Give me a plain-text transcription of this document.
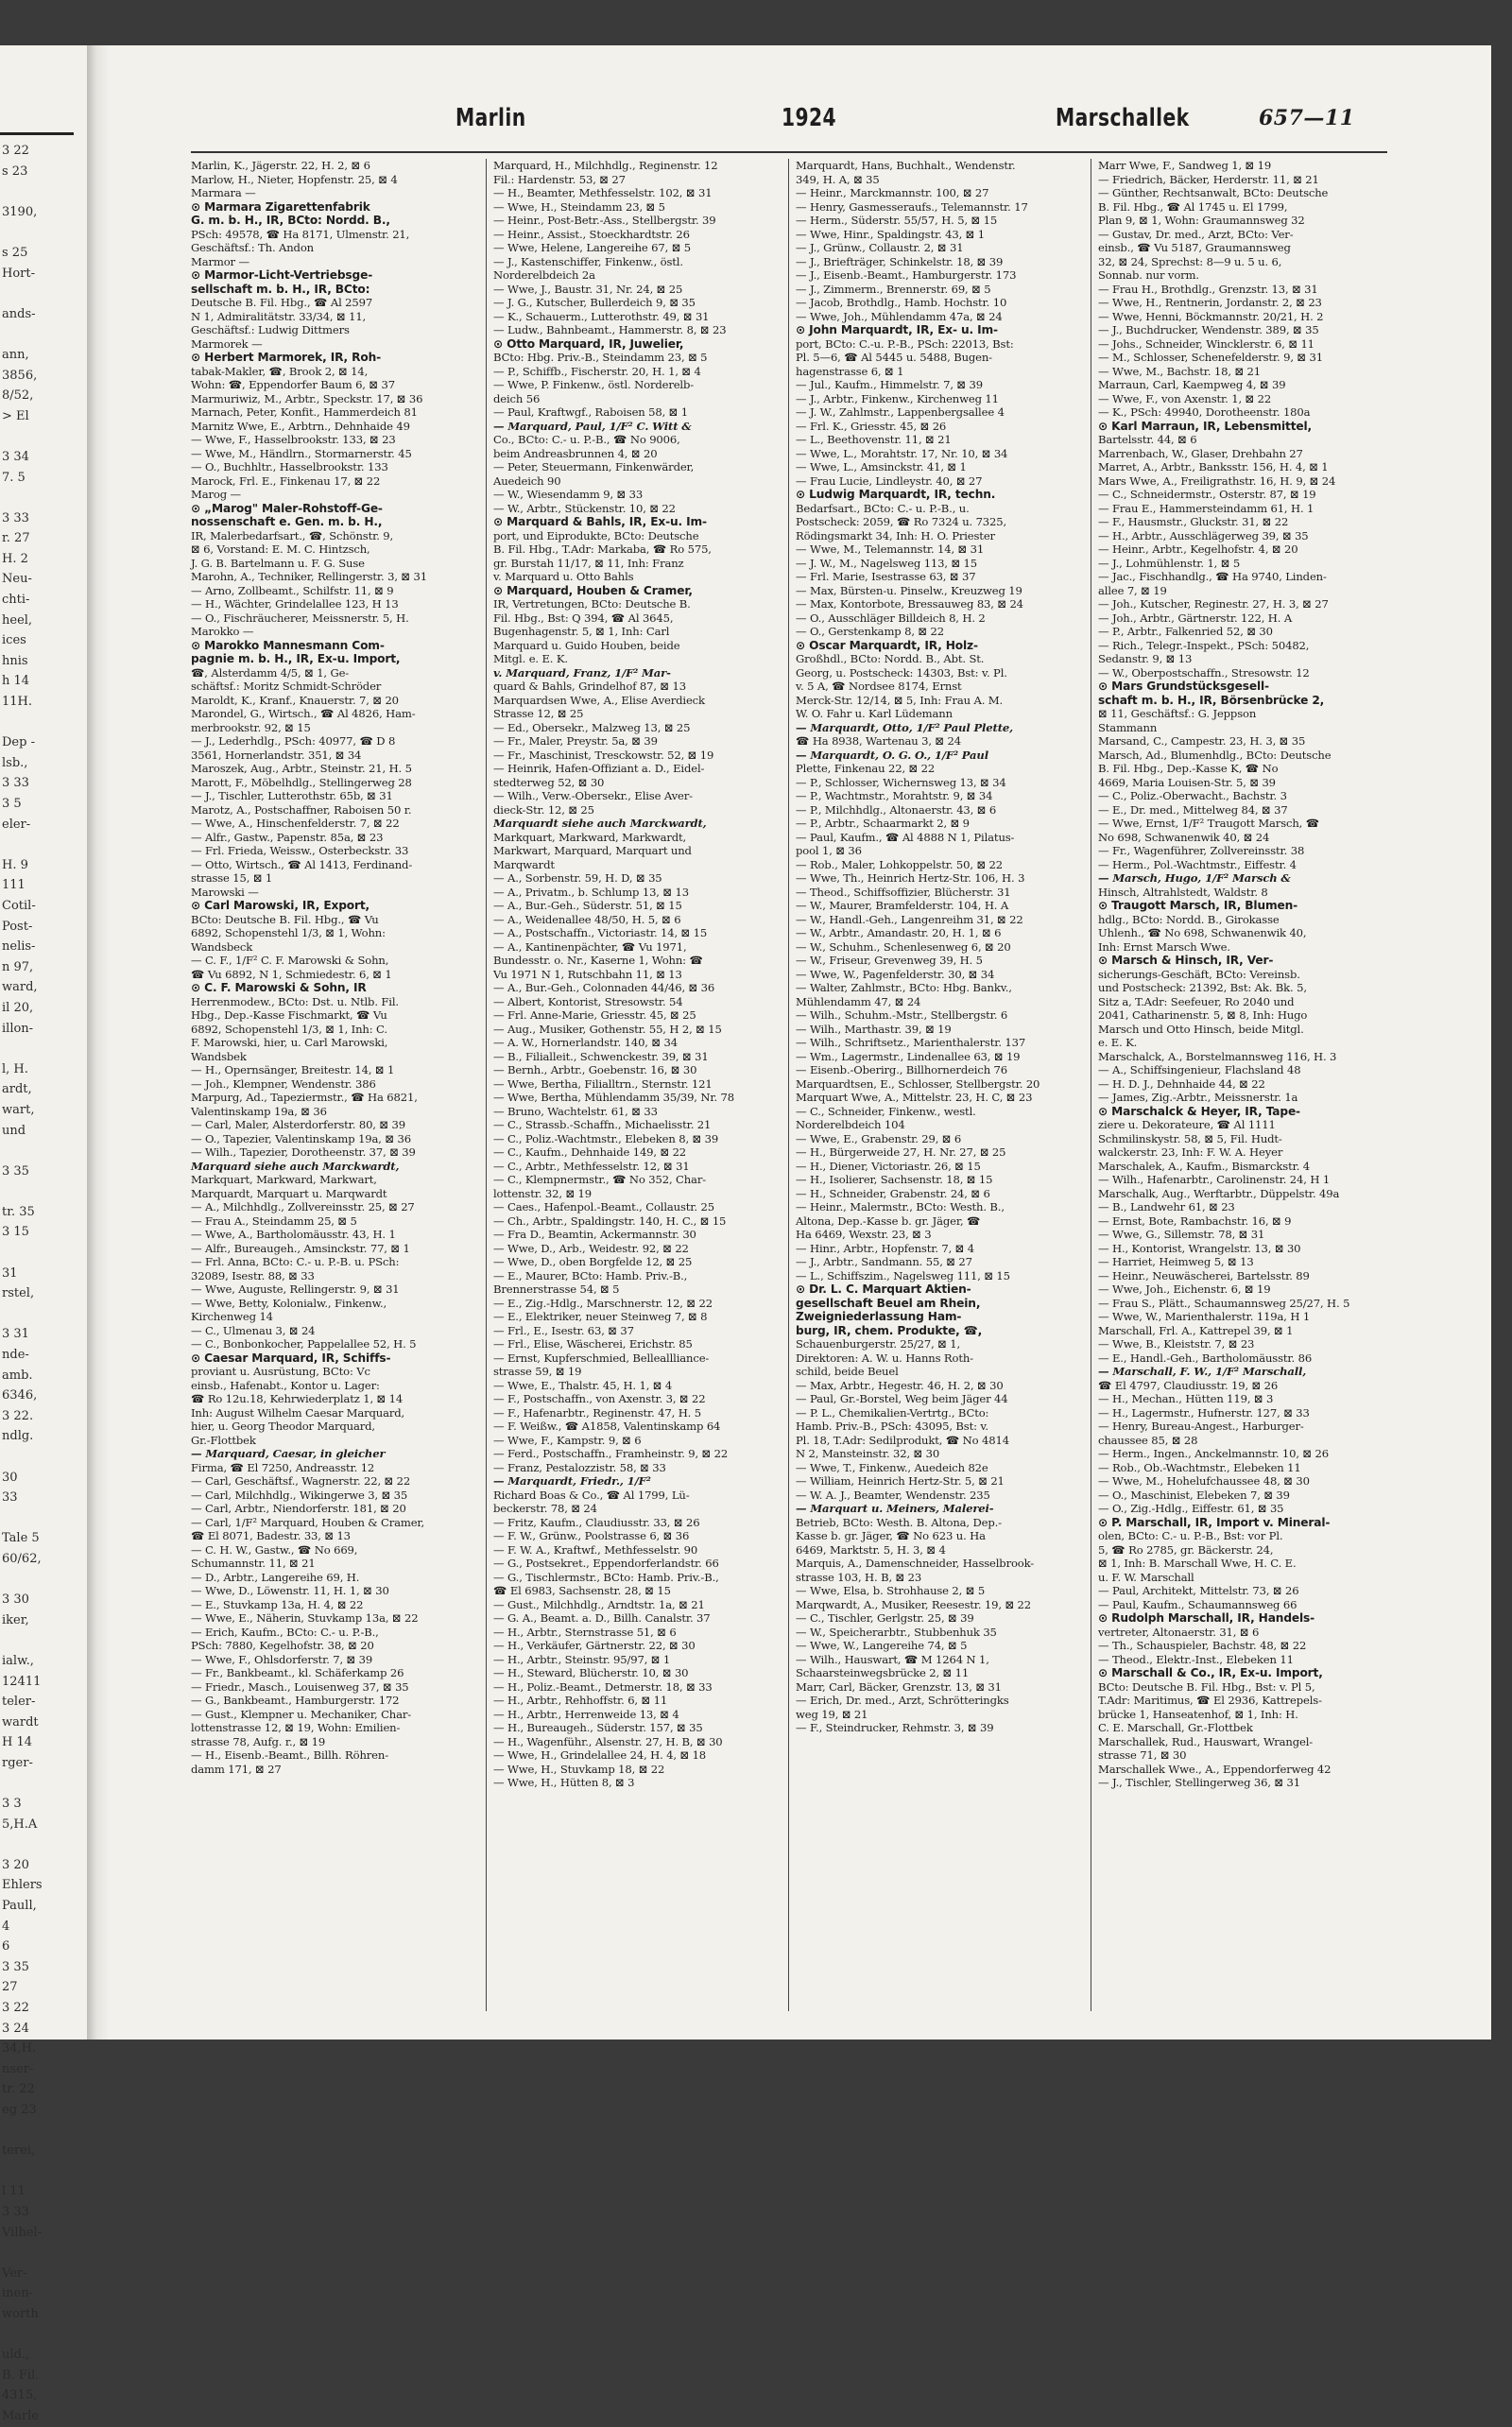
3 22
s 23

3190,

s 25
Hort-

ands-

ann,
3856,
8/52,
> El

3 34
7. 5

3 33
r. 27
H. 2
Neu-
chti-
heel,
ices
hnis
h 14
11H.

Dep -
lsb.,
3 33
3 5
eler-

H. 9
111
Cotil-
Post-
nelis-
n 97,
ward,
il 20,
illon-

l, H.
ardt,
wart,
und

3 35

tr. 35
3 15

31
rstel,

3 31
nde-
amb.
6346,
3 22.
ndlg.

30
33

Tale 5
60/62,

3 30
iker,

ialw.,
12411
teler-
wardt
H 14
rger-

3 3
5,H.A

3 20
Ehlers
Paull,
4
6
3 35
27
3 22
3 24
34,H.
nser-
tr. 22
eg 23

terei,

l 11
3 33
Vilhel-

Ver-
inen-
worth

uld.,
B. Fil.
4315,
Marle
Marlin	1924	Marschallek	657—11
Marlin, K., Jägerstr. 22, H. 2, ⊠ 6
Marlow, H., Nieter, Hopfenstr. 25, ⊠ 4
Marmara —
⊙ Marmara Zigarettenfabrik
G. m. b. H., IR, BCto: Nordd. B.,
PSch: 49578, ☎ Ha 8171, Ulmenstr. 21,
Geschäftsf.: Th. Andon
Marmor —
⊙ Marmor-Licht-Vertriebsge-
sellschaft m. b. H., IR, BCto:
Deutsche B. Fil. Hbg., ☎ Al 2597
N 1, Admiralitätstr. 33/34, ⊠ 11,
Geschäftsf.: Ludwig Dittmers
Marmorek —
⊙ Herbert Marmorek, IR, Roh-
tabak-Makler, ☎, Brook 2, ⊠ 14,
Wohn: ☎, Eppendorfer Baum 6, ⊠ 37
Marmuriwiz, M., Arbtr., Speckstr. 17, ⊠ 36
Marnach, Peter, Konfit., Hammerdeich 81
Marnitz Wwe, E., Arbtrn., Dehnhaide 49
— Wwe, F., Hasselbrookstr. 133, ⊠ 23
— Wwe, M., Händlrn., Stormarnerstr. 45
— O., Buchhltr., Hasselbrookstr. 133
Marock, Frl. E., Finkenau 17, ⊠ 22
Marog —
⊙ „Marog" Maler-Rohstoff-Ge-
nossenschaft e. Gen. m. b. H.,
IR, Malerbedarfsart., ☎, Schönstr. 9,
⊠ 6, Vorstand: E. M. C. Hintzsch,
J. G. B. Bartelmann u. F. G. Suse
Marohn, A., Techniker, Rellingerstr. 3, ⊠ 31
— Arno, Zollbeamt., Schilfstr. 11, ⊠ 9
— H., Wächter, Grindelallee 123, H 13
— O., Fischräucherer, Meissnerstr. 5, H.
Marokko —
⊙ Marokko Mannesmann Com-
pagnie m. b. H., IR, Ex-u. Import,
☎, Alsterdamm 4/5, ⊠ 1, Ge-
schäftsf.: Moritz Schmidt-Schröder
Maroldt, K., Kranf., Knauerstr. 7, ⊠ 20
Marondel, G., Wirtsch., ☎ Al 4826, Ham-
merbrookstr. 92, ⊠ 15
— J., Lederhdlg., PSch: 40977, ☎ D 8
3561, Hornerlandstr. 351, ⊠ 34
Maroszek, Aug., Arbtr., Steinstr. 21, H. 5
Marott, F., Möbelhdlg., Stellingerweg 28
— J., Tischler, Lutterothstr. 65b, ⊠ 31
Marotz, A., Postschaffner, Raboisen 50 r.
— Wwe, A., Hinschenfelderstr. 7, ⊠ 22
— Alfr., Gastw., Papenstr. 85a, ⊠ 23
— Frl. Frieda, Weissw., Osterbeckstr. 33
— Otto, Wirtsch., ☎ Al 1413, Ferdinand-
strasse 15, ⊠ 1
Marowski —
⊙ Carl Marowski, IR, Export,
BCto: Deutsche B. Fil. Hbg., ☎ Vu
6892, Schopenstehl 1/3, ⊠ 1, Wohn:
Wandsbeck
— C. F., 1/F² C. F. Marowski & Sohn,
☎ Vu 6892, N 1, Schmiedestr. 6, ⊠ 1
⊙ C. F. Marowski & Sohn, IR
Herrenmodew., BCto: Dst. u. Ntlb. Fil.
Hbg., Dep.-Kasse Fischmarkt, ☎ Vu
6892, Schopenstehl 1/3, ⊠ 1, Inh: C.
F. Marowski, hier, u. Carl Marowski,
Wandsbek
— H., Opernsänger, Breitestr. 14, ⊠ 1
— Joh., Klempner, Wendenstr. 386
Marpurg, Ad., Tapeziermstr., ☎ Ha 6821,
Valentinskamp 19a, ⊠ 36
— Carl, Maler, Alsterdorferstr. 80, ⊠ 39
— O., Tapezier, Valentinskamp 19a, ⊠ 36
— Wilh., Tapezier, Dorotheenstr. 37, ⊠ 39
Marquard siehe auch Marckwardt,
Markquart, Markward, Markwart,
Marquardt, Marquart u. Marqwardt
— A., Milchhdlg., Zollvereinsstr. 25, ⊠ 27
— Frau A., Steindamm 25, ⊠ 5
— Wwe, A., Bartholomäusstr. 43, H. 1
— Alfr., Bureaugeh., Amsinckstr. 77, ⊠ 1
— Frl. Anna, BCto: C.- u. P.-B. u. PSch:
32089, Isestr. 88, ⊠ 33
— Wwe, Auguste, Rellingerstr. 9, ⊠ 31
— Wwe, Betty, Kolonialw., Finkenw.,
Kirchenweg 14
— C., Ulmenau 3, ⊠ 24
— C., Bonbonkocher, Pappelallee 52, H. 5
⊙ Caesar Marquard, IR, Schiffs-
proviant u. Ausrüstung, BCto: Vc
einsb., Hafenabt., Kontor u. Lager:
☎ Ro 12u.18, Kehrwiederplatz 1, ⊠ 14
Inh: August Wilhelm Caesar Marquard,
hier, u. Georg Theodor Marquard,
Gr.-Flottbek
— Marquard, Caesar, in gleicher
Firma, ☎ El 7250, Andreasstr. 12
— Carl, Geschäftsf., Wagnerstr. 22, ⊠ 22
— Carl, Milchhdlg., Wikingerwe 3, ⊠ 35
— Carl, Arbtr., Niendorferstr. 181, ⊠ 20
— Carl, 1/F² Marquard, Houben & Cramer,
☎ El 8071, Badestr. 33, ⊠ 13
— C. H. W., Gastw., ☎ No 669,
Schumannstr. 11, ⊠ 21
— D., Arbtr., Langereihe 69, H.
— Wwe, D., Löwenstr. 11, H. 1, ⊠ 30
— E., Stuvkamp 13a, H. 4, ⊠ 22
— Wwe, E., Näherin, Stuvkamp 13a, ⊠ 22
— Erich, Kaufm., BCto: C.- u. P.-B.,
PSch: 7880, Kegelhofstr. 38, ⊠ 20
— Wwe, F., Ohlsdorferstr. 7, ⊠ 39
— Fr., Bankbeamt., kl. Schäferkamp 26
— Friedr., Masch., Louisenweg 37, ⊠ 35
— G., Bankbeamt., Hamburgerstr. 172
— Gust., Klempner u. Mechaniker, Char-
lottenstrasse 12, ⊠ 19, Wohn: Emilien-
strasse 78, Aufg. r., ⊠ 19
— H., Eisenb.-Beamt., Billh. Röhren-
damm 171, ⊠ 27
Marquard, H., Milchhdlg., Reginenstr. 12
Fil.: Hardenstr. 53, ⊠ 27
— H., Beamter, Methfesselstr. 102, ⊠ 31
— Wwe, H., Steindamm 23, ⊠ 5
— Heinr., Post-Betr.-Ass., Stellbergstr. 39
— Heinr., Assist., Stoeckhardtstr. 26
— Wwe, Helene, Langereihe 67, ⊠ 5
— J., Kastenschiffer, Finkenw., östl.
Norderelbdeich 2a
— Wwe, J., Baustr. 31, Nr. 24, ⊠ 25
— J. G., Kutscher, Bullerdeich 9, ⊠ 35
— K., Schauerm., Lutterothstr. 49, ⊠ 31
— Ludw., Bahnbeamt., Hammerstr. 8, ⊠ 23
⊙ Otto Marquard, IR, Juwelier,
BCto: Hbg. Priv.-B., Steindamm 23, ⊠ 5
— P., Schiffb., Fischerstr. 20, H. 1, ⊠ 4
— Wwe, P. Finkenw., östl. Norderelb-
deich 56
— Paul, Kraftwgf., Raboisen 58, ⊠ 1
— Marquard, Paul, 1/F² C. Witt &
Co., BCto: C.- u. P.-B., ☎ No 9006,
beim Andreasbrunnen 4, ⊠ 20
— Peter, Steuermann, Finkenwärder,
Auedeich 90
— W., Wiesendamm 9, ⊠ 33
— W., Arbtr., Stückenstr. 10, ⊠ 22
⊙ Marquard & Bahls, IR, Ex-u. Im-
port, und Eiprodukte, BCto: Deutsche
B. Fil. Hbg., T.Adr: Markaba, ☎ Ro 575,
gr. Burstah 11/17, ⊠ 11, Inh: Franz
v. Marquard u. Otto Bahls
⊙ Marquard, Houben & Cramer,
IR, Vertretungen, BCto: Deutsche B.
Fil. Hbg., Bst: Q 394, ☎ Al 3645,
Bugenhagenstr. 5, ⊠ 1, Inh: Carl
Marquard u. Guido Houben, beide
Mitgl. e. E. K.
v. Marquard, Franz, 1/F² Mar-
quard & Bahls, Grindelhof 87, ⊠ 13
Marquardsen Wwe, A., Elise Averdieck
Strasse 12, ⊠ 25
— Ed., Obersekr., Malzweg 13, ⊠ 25
— Fr., Maler, Preystr. 5a, ⊠ 39
— Fr., Maschinist, Tresckowstr. 52, ⊠ 19
— Heinrik, Hafen-Offiziant a. D., Eidel-
stedterweg 52, ⊠ 30
— Wilh., Verw.-Obersekr., Elise Aver-
dieck-Str. 12, ⊠ 25
Marquardt siehe auch Marckwardt,
Markquart, Markward, Markwardt,
Markwart, Marquard, Marquart und
Marqwardt
— A., Sorbenstr. 59, H. D, ⊠ 35
— A., Privatm., b. Schlump 13, ⊠ 13
— A., Bur.-Geh., Süderstr. 51, ⊠ 15
— A., Weidenallee 48/50, H. 5, ⊠ 6
— A., Postschaffn., Victoriastr. 14, ⊠ 15
— A., Kantinenpächter, ☎ Vu 1971,
Bundesstr. o. Nr., Kaserne 1, Wohn: ☎
Vu 1971 N 1, Rutschbahn 11, ⊠ 13
— A., Bur.-Geh., Colonnaden 44/46, ⊠ 36
— Albert, Kontorist, Stresowstr. 54
— Frl. Anne-Marie, Griesstr. 45, ⊠ 25
— Aug., Musiker, Gothenstr. 55, H 2, ⊠ 15
— A. W., Hornerlandstr. 140, ⊠ 34
— B., Filialleit., Schwenckestr. 39, ⊠ 31
— Bernh., Arbtr., Goebenstr. 16, ⊠ 30
— Wwe, Bertha, Filialltrn., Sternstr. 121
— Wwe, Bertha, Mühlendamm 35/39, Nr. 78
— Bruno, Wachtelstr. 61, ⊠ 33
— C., Strassb.-Schaffn., Michaelisstr. 21
— C., Poliz.-Wachtmstr., Elebeken 8, ⊠ 39
— C., Kaufm., Dehnhaide 149, ⊠ 22
— C., Arbtr., Methfesselstr. 12, ⊠ 31
— C., Klempnermstr., ☎ No 352, Char-
lottenstr. 32, ⊠ 19
— Caes., Hafenpol.-Beamt., Collaustr. 25
— Ch., Arbtr., Spaldingstr. 140, H. C., ⊠ 15
— Fra D., Beamtin, Ackermannstr. 30
— Wwe, D., Arb., Weidestr. 92, ⊠ 22
— Wwe, D., oben Borgfelde 12, ⊠ 25
— E., Maurer, BCto: Hamb. Priv.-B.,
Brennerstrasse 54, ⊠ 5
— E., Zig.-Hdlg., Marschnerstr. 12, ⊠ 22
— E., Elektriker, neuer Steinweg 7, ⊠ 8
— Frl., E., Isestr. 63, ⊠ 37
— Frl., Elise, Wäscherei, Erichstr. 85
— Ernst, Kupferschmied, Belleallliance-
strasse 59, ⊠ 19
— Wwe, E., Thalstr. 45, H. 1, ⊠ 4
— F., Postschaffn., von Axenstr. 3, ⊠ 22
— F., Hafenarbtr., Reginenstr. 47, H. 5
— F. Weißw., ☎ A1858, Valentinskamp 64
— Wwe, F., Kampstr. 9, ⊠ 6
— Ferd., Postschaffn., Framheinstr. 9, ⊠ 22
— Franz, Pestalozzistr. 58, ⊠ 33
— Marquardt, Friedr., 1/F²
Richard Boas & Co., ☎ Al 1799, Lü-
beckerstr. 78, ⊠ 24
— Fritz, Kaufm., Claudiusstr. 33, ⊠ 26
— F. W., Grünw., Poolstrasse 6, ⊠ 36
— F. W. A., Kraftwf., Methfesselstr. 90
— G., Postsekret., Eppendorferlandstr. 66
— G., Tischlermstr., BCto: Hamb. Priv.-B.,
☎ El 6983, Sachsenstr. 28, ⊠ 15
— Gust., Milchhdlg., Arndtstr. 1a, ⊠ 21
— G. A., Beamt. a. D., Billh. Canalstr. 37
— H., Arbtr., Sternstrasse 51, ⊠ 6
— H., Verkäufer, Gärtnerstr. 22, ⊠ 30
— H., Arbtr., Steinstr. 95/97, ⊠ 1
— H., Steward, Blücherstr. 10, ⊠ 30
— H., Poliz.-Beamt., Detmerstr. 18, ⊠ 33
— H., Arbtr., Rehhoffstr. 6, ⊠ 11
— H., Arbtr., Herrenweide 13, ⊠ 4
— H., Bureaugeh., Süderstr. 157, ⊠ 35
— H., Wagenführ., Alsenstr. 27, H. B, ⊠ 30
— Wwe, H., Grindelallee 24, H. 4, ⊠ 18
— Wwe, H., Stuvkamp 18, ⊠ 22
— Wwe, H., Hütten 8, ⊠ 3
Marquardt, Hans, Buchhalt., Wendenstr.
349, H. A, ⊠ 35
— Heinr., Marckmannstr. 100, ⊠ 27
— Henry, Gasmesseraufs., Telemannstr. 17
— Herm., Süderstr. 55/57, H. 5, ⊠ 15
— Wwe, Hinr., Spaldingstr. 43, ⊠ 1
— J., Grünw., Collaustr. 2, ⊠ 31
— J., Briefträger, Schinkelstr. 18, ⊠ 39
— J., Eisenb.-Beamt., Hamburgerstr. 173
— J., Zimmerm., Brennerstr. 69, ⊠ 5
— Jacob, Brothdlg., Hamb. Hochstr. 10
— Wwe, Joh., Mühlendamm 47a, ⊠ 24
⊙ John Marquardt, IR, Ex- u. Im-
port, BCto: C.-u. P.-B., PSch: 22013, Bst:
Pl. 5—6, ☎ Al 5445 u. 5488, Bugen-
hagenstrasse 6, ⊠ 1
— Jul., Kaufm., Himmelstr. 7, ⊠ 39
— J., Arbtr., Finkenw., Kirchenweg 11
— J. W., Zahlmstr., Lappenbergsallee 4
— Frl. K., Griesstr. 45, ⊠ 26
— L., Beethovenstr. 11, ⊠ 21
— Wwe, L., Morahtstr. 17, Nr. 10, ⊠ 34
— Wwe, L., Amsinckstr. 41, ⊠ 1
— Frau Lucie, Lindleystr. 40, ⊠ 27
⊙ Ludwig Marquardt, IR, techn.
Bedarfsart., BCto: C.- u. P.-B., u.
Postscheck: 2059, ☎ Ro 7324 u. 7325,
Rödingsmarkt 34, Inh: H. O. Priester
— Wwe, M., Telemannstr. 14, ⊠ 31
— J. W., M., Nagelsweg 113, ⊠ 15
— Frl. Marie, Isestrasse 63, ⊠ 37
— Max, Bürsten-u. Pinselw., Kreuzweg 19
— Max, Kontorbote, Bressauweg 83, ⊠ 24
— O., Ausschläger Billdeich 8, H. 2
— O., Gerstenkamp 8, ⊠ 22
⊙ Oscar Marquardt, IR, Holz-
Großhdl., BCto: Nordd. B., Abt. St.
Georg, u. Postscheck: 14303, Bst: v. Pl.
v. 5 A, ☎ Nordsee 8174, Ernst
Merck-Str. 12/14, ⊠ 5, Inh: Frau A. M.
W. O. Fahr u. Karl Lüdemann
— Marquardt, Otto, 1/F² Paul Plette,
☎ Ha 8938, Wartenau 3, ⊠ 24
— Marquardt, O. G. O., 1/F² Paul
Plette, Finkenau 22, ⊠ 22
— P., Schlosser, Wichernsweg 13, ⊠ 34
— P., Wachtmstr., Morahtstr. 9, ⊠ 34
— P., Milchhdlg., Altonaerstr. 43, ⊠ 6
— P., Arbtr., Schaarmarkt 2, ⊠ 9
— Paul, Kaufm., ☎ Al 4888 N 1, Pilatus-
pool 1, ⊠ 36
— Rob., Maler, Lohkoppelstr. 50, ⊠ 22
— Wwe, Th., Heinrich Hertz-Str. 106, H. 3
— Theod., Schiffsoffizier, Blücherstr. 31
— W., Maurer, Bramfelderstr. 104, H. A
— W., Handl.-Geh., Langenreihm 31, ⊠ 22
— W., Arbtr., Amandastr. 20, H. 1, ⊠ 6
— W., Schuhm., Schenlesenweg 6, ⊠ 20
— W., Friseur, Grevenweg 39, H. 5
— Wwe, W., Pagenfelderstr. 30, ⊠ 34
— Walter, Zahlmstr., BCto: Hbg. Bankv.,
Mühlendamm 47, ⊠ 24
— Wilh., Schuhm.-Mstr., Stellbergstr. 6
— Wilh., Marthastr. 39, ⊠ 19
— Wilh., Schriftsetz., Marienthalerstr. 137
— Wm., Lagermstr., Lindenallee 63, ⊠ 19
— Eisenb.-Oberirg., Billhornerdeich 76
Marquardtsen, E., Schlosser, Stellbergstr. 20
Marquart Wwe, A., Mittelstr. 23, H. C, ⊠ 23
— C., Schneider, Finkenw., westl.
Norderelbdeich 104
— Wwe, E., Grabenstr. 29, ⊠ 6
— H., Bürgerweide 27, H. Nr. 27, ⊠ 25
— H., Diener, Victoriastr. 26, ⊠ 15
— H., Isolierer, Sachsenstr. 18, ⊠ 15
— H., Schneider, Grabenstr. 24, ⊠ 6
— Heinr., Malermstr., BCto: Westh. B.,
Altona, Dep.-Kasse b. gr. Jäger, ☎
Ha 6469, Wexstr. 23, ⊠ 3
— Hinr., Arbtr., Hopfenstr. 7, ⊠ 4
— J., Arbtr., Sandmann. 55, ⊠ 27
— L., Schiffszim., Nagelsweg 111, ⊠ 15
⊙ Dr. L. C. Marquart Aktien-
gesellschaft Beuel am Rhein,
Zweigniederlassung Ham-
burg, IR, chem. Produkte, ☎,
Schauenburgerstr. 25/27, ⊠ 1,
Direktoren: A. W. u. Hanns Roth-
schild, beide Beuel
— Max, Arbtr., Hegestr. 46, H. 2, ⊠ 30
— Paul, Gr.-Borstel, Weg beim Jäger 44
— P. L., Chemikalien-Vertrtg., BCto:
Hamb. Priv.-B., PSch: 43095, Bst: v.
Pl. 18, T.Adr: Sedilprodukt, ☎ No 4814
N 2, Mansteinstr. 32, ⊠ 30
— Wwe, T., Finkenw., Auedeich 82e
— William, Heinrich Hertz-Str. 5, ⊠ 21
— W. A. J., Beamter, Wendenstr. 235
— Marquart u. Meiners, Malerei-
Betrieb, BCto: Westh. B. Altona, Dep.-
Kasse b. gr. Jäger, ☎ No 623 u. Ha
6469, Marktstr. 5, H. 3, ⊠ 4
Marquis, A., Damenschneider, Hasselbrook-
strasse 103, H. B, ⊠ 23
— Wwe, Elsa, b. Strohhause 2, ⊠ 5
Marqwardt, A., Musiker, Reesestr. 19, ⊠ 22
— C., Tischler, Gerlgstr. 25, ⊠ 39
— W., Speicherarbtr., Stubbenhuk 35
— Wwe, W., Langereihe 74, ⊠ 5
— Wilh., Hauswart, ☎ M 1264 N 1,
Schaarsteinwegsbrücke 2, ⊠ 11
Marr, Carl, Bäcker, Grenzstr. 13, ⊠ 31
— Erich, Dr. med., Arzt, Schrötteringks
weg 19, ⊠ 21
— F., Steindrucker, Rehmstr. 3, ⊠ 39
Marr Wwe, F., Sandweg 1, ⊠ 19
— Friedrich, Bäcker, Herderstr. 11, ⊠ 21
— Günther, Rechtsanwalt, BCto: Deutsche
B. Fil. Hbg., ☎ Al 1745 u. El 1799,
Plan 9, ⊠ 1, Wohn: Graumannsweg 32
— Gustav, Dr. med., Arzt, BCto: Ver-
einsb., ☎ Vu 5187, Graumannsweg
32, ⊠ 24, Sprechst: 8—9 u. 5 u. 6,
Sonnab. nur vorm.
— Frau H., Brothdlg., Grenzstr. 13, ⊠ 31
— Wwe, H., Rentnerin, Jordanstr. 2, ⊠ 23
— Wwe, Henni, Böckmannstr. 20/21, H. 2
— J., Buchdrucker, Wendenstr. 389, ⊠ 35
— Johs., Schneider, Wincklerstr. 6, ⊠ 11
— M., Schlosser, Schenefelderstr. 9, ⊠ 31
— Wwe, M., Bachstr. 18, ⊠ 21
Marraun, Carl, Kaempweg 4, ⊠ 39
— Wwe, F., von Axenstr. 1, ⊠ 22
— K., PSch: 49940, Dorotheenstr. 180a
⊙ Karl Marraun, IR, Lebensmittel,
Bartelsstr. 44, ⊠ 6
Marrenbach, W., Glaser, Drehbahn 27
Marret, A., Arbtr., Banksstr. 156, H. 4, ⊠ 1
Mars Wwe, A., Freiligrathstr. 16, H. 9, ⊠ 24
— C., Schneidermstr., Osterstr. 87, ⊠ 19
— Frau E., Hammersteindamm 61, H. 1
— F., Hausmstr., Gluckstr. 31, ⊠ 22
— H., Arbtr., Ausschlägerweg 39, ⊠ 35
— Heinr., Arbtr., Kegelhofstr. 4, ⊠ 20
— J., Lohmühlenstr. 1, ⊠ 5
— Jac., Fischhandlg., ☎ Ha 9740, Linden-
allee 7, ⊠ 19
— Joh., Kutscher, Reginestr. 27, H. 3, ⊠ 27
— Joh., Arbtr., Gärtnerstr. 122, H. A
— P., Arbtr., Falkenried 52, ⊠ 30
— Rich., Telegr.-Inspekt., PSch: 50482,
Sedanstr. 9, ⊠ 13
— W., Oberpostschaffn., Stresowstr. 12
⊙ Mars Grundstücksgesell-
schaft m. b. H., IR, Börsenbrücke 2,
⊠ 11, Geschäftsf.: G. Jeppson
Stammann
Marsand, C., Campestr. 23, H. 3, ⊠ 35
Marsch, Ad., Blumenhdlg., BCto: Deutsche
B. Fil. Hbg., Dep.-Kasse K, ☎ No
4669, Maria Louisen-Str. 5, ⊠ 39
— C., Poliz.-Oberwacht., Bachstr. 3
— E., Dr. med., Mittelweg 84, ⊠ 37
— Wwe, Ernst, 1/F² Traugott Marsch, ☎
No 698, Schwanenwik 40, ⊠ 24
— Fr., Wagenführer, Zollvereinsstr. 38
— Herm., Pol.-Wachtmstr., Eiffestr. 4
— Marsch, Hugo, 1/F² Marsch &
Hinsch, Altrahlstedt, Waldstr. 8
⊙ Traugott Marsch, IR, Blumen-
hdlg., BCto: Nordd. B., Girokasse
Uhlenh., ☎ No 698, Schwanenwik 40,
Inh: Ernst Marsch Wwe.
⊙ Marsch & Hinsch, IR, Ver-
sicherungs-Geschäft, BCto: Vereinsb.
und Postscheck: 21392, Bst: Ak. Bk. 5,
Sitz a, T.Adr: Seefeuer, Ro 2040 und
2041, Catharinenstr. 5, ⊠ 8, Inh: Hugo
Marsch und Otto Hinsch, beide Mitgl.
e. E. K.
Marschalck, A., Borstelmannsweg 116, H. 3
— A., Schiffsingenieur, Flachsland 48
— H. D. J., Dehnhaide 44, ⊠ 22
— James, Zig.-Arbtr., Meissnerstr. 1a
⊙ Marschalck & Heyer, IR, Tape-
ziere u. Dekorateure, ☎ Al 1111
Schmilinskystr. 58, ⊠ 5, Fil. Hudt-
walckerstr. 23, Inh: F. W. A. Heyer
Marschalek, A., Kaufm., Bismarckstr. 4
— Wilh., Hafenarbtr., Carolinenstr. 24, H 1
Marschalk, Aug., Werftarbtr., Düppelstr. 49a
— B., Landwehr 61, ⊠ 23
— Ernst, Bote, Rambachstr. 16, ⊠ 9
— Wwe, G., Sillemstr. 78, ⊠ 31
— H., Kontorist, Wrangelstr. 13, ⊠ 30
— Harriet, Heimweg 5, ⊠ 13
— Heinr., Neuwäscherei, Bartelsstr. 89
— Wwe, Joh., Eichenstr. 6, ⊠ 19
— Frau S., Plätt., Schaumannsweg 25/27, H. 5
— Wwe, W., Marienthalerstr. 119a, H 1
Marschall, Frl. A., Kattrepel 39, ⊠ 1
— Wwe, B., Kleiststr. 7, ⊠ 23
— E., Handl.-Geh., Bartholomäusstr. 86
— Marschall, F. W., 1/F² Marschall,
☎ El 4797, Claudiusstr. 19, ⊠ 26
— H., Mechan., Hütten 119, ⊠ 3
— H., Lagermstr., Hufnerstr. 127, ⊠ 33
— Henry, Bureau-Angest., Harburger-
chaussee 85, ⊠ 28
— Herm., Ingen., Anckelmannstr. 10, ⊠ 26
— Rob., Ob.-Wachtmstr., Elebeken 11
— Wwe, M., Hohelufchaussee 48, ⊠ 30
— O., Maschinist, Elebeken 7, ⊠ 39
— O., Zig.-Hdlg., Eiffestr. 61, ⊠ 35
⊙ P. Marschall, IR, Import v. Mineral-
olen, BCto: C.- u. P.-B., Bst: vor Pl.
5, ☎ Ro 2785, gr. Bäckerstr. 24,
⊠ 1, Inh: B. Marschall Wwe, H. C. E.
u. F. W. Marschall
— Paul, Architekt, Mittelstr. 73, ⊠ 26
— Paul, Kaufm., Schaumannsweg 66
⊙ Rudolph Marschall, IR, Handels-
vertreter, Altonaerstr. 31, ⊠ 6
— Th., Schauspieler, Bachstr. 48, ⊠ 22
— Theod., Elektr.-Inst., Elebeken 11
⊙ Marschall & Co., IR, Ex-u. Import,
BCto: Deutsche B. Fil. Hbg., Bst: v. Pl 5,
T.Adr: Maritimus, ☎ El 2936, Kattrepels-
brücke 1, Hanseatenhof, ⊠ 1, Inh: H.
C. E. Marschall, Gr.-Flottbek
Marschallek, Rud., Hauswart, Wrangel-
strasse 71, ⊠ 30
Marschallek Wwe., A., Eppendorferweg 42
— J., Tischler, Stellingerweg 36, ⊠ 31
